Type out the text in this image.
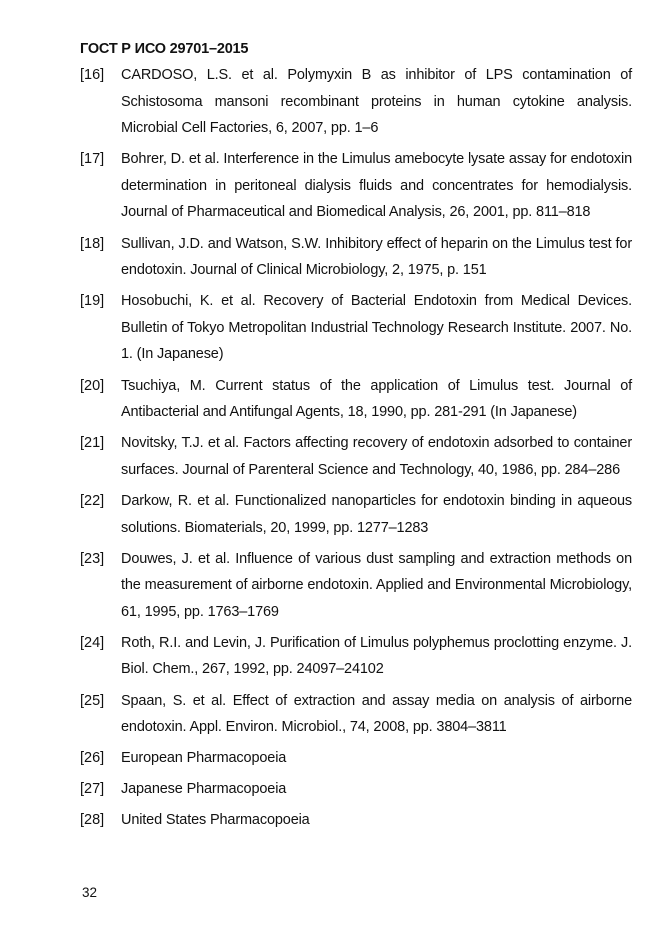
ГОСТ Р ИСО 29701–2015
[16]	CARDOSO, L.S. et al. Polymyxin B as inhibitor of LPS contamination of Schistosoma mansoni recombinant proteins in human cytokine analysis. Microbial Cell Factories, 6, 2007, pp. 1–6
[17]	Bohrer, D. et al. Interference in the Limulus amebocyte lysate assay for endotoxin determination in peritoneal dialysis fluids and concentrates for hemodialysis. Journal of Pharmaceutical and Biomedical Analysis, 26, 2001, pp. 811–818
[18]	Sullivan, J.D. and Watson, S.W. Inhibitory effect of heparin on the Limulus test for endotoxin. Journal of Clinical Microbiology, 2, 1975, p. 151
[19]	Hosobuchi, K. et al. Recovery of Bacterial Endotoxin from Medical Devices. Bulletin of Tokyo Metropolitan Industrial Technology Research Institute. 2007. No. 1. (In Japanese)
[20]	Tsuchiya, M. Current status of the application of Limulus test. Journal of Antibacterial and Antifungal Agents, 18, 1990, pp. 281-291 (In Japanese)
[21]	Novitsky, T.J. et al. Factors affecting recovery of endotoxin adsorbed to container surfaces. Journal of Parenteral Science and Technology, 40, 1986, pp. 284–286
[22]	Darkow, R. et al. Functionalized nanoparticles for endotoxin binding in aqueous solutions. Biomaterials, 20, 1999, pp. 1277–1283
[23]	Douwes, J. et al. Influence of various dust sampling and extraction methods on the measurement of airborne endotoxin. Applied and Environmental Microbiology, 61, 1995, pp. 1763–1769
[24]	Roth, R.I. and Levin, J. Purification of Limulus polyphemus proclotting enzyme. J. Biol. Chem., 267, 1992, pp. 24097–24102
[25]	Spaan, S. et al. Effect of extraction and assay media on analysis of airborne endotoxin. Appl. Environ. Microbiol., 74, 2008, pp. 3804–3811
[26]	European Pharmacopoeia
[27]	Japanese Pharmacopoeia
[28]	United States Pharmacopoeia
32
